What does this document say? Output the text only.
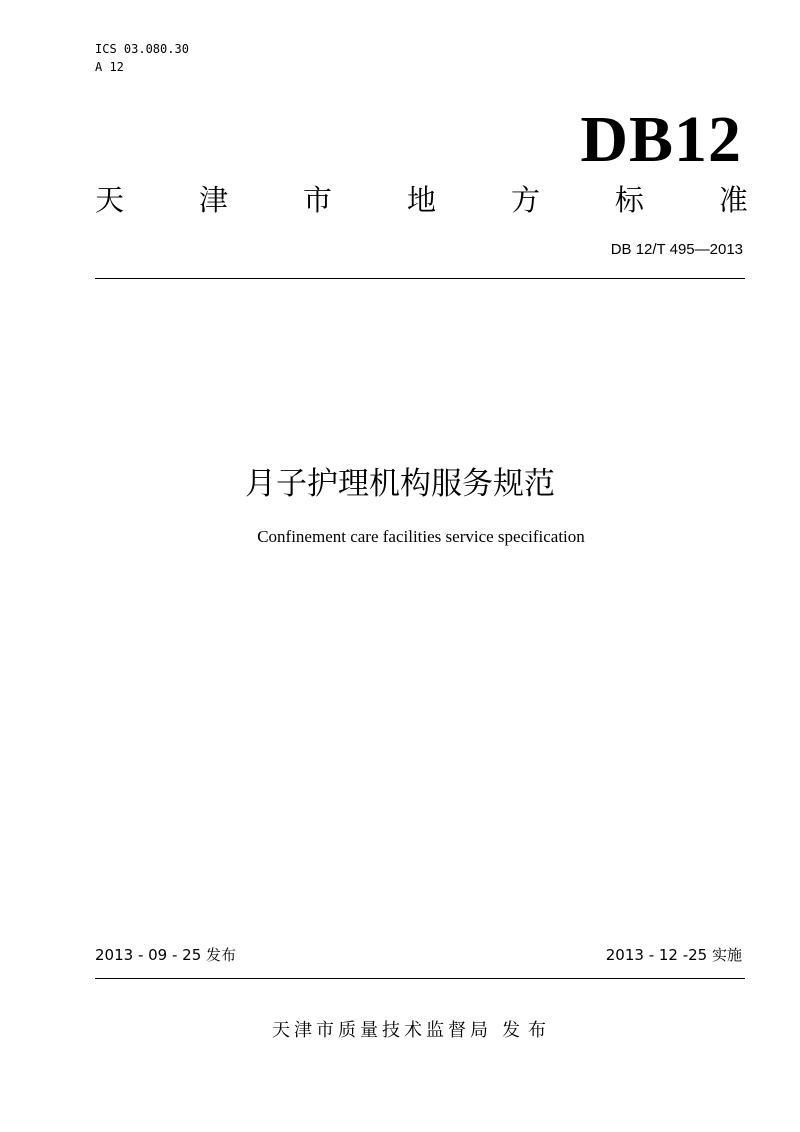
ICS 03.080.30
A 12
DB12
天	津	市	地	方	标	准
DB 12/T 495—2013
月子护理机构服务规范
Confinement care facilities service specification
2013 - 09 - 25 发布	2013 - 12 -25 实施
天津市质量技术监督局 发布
